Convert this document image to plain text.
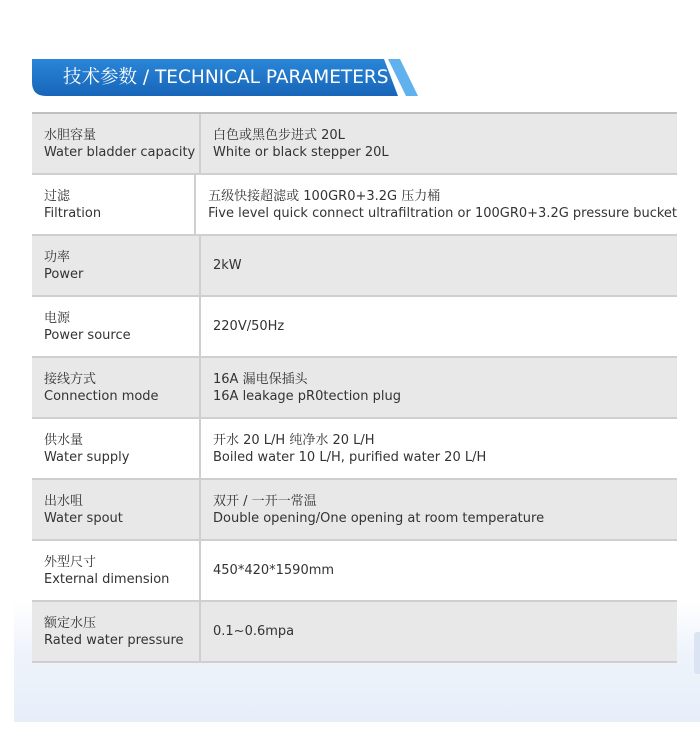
技术参数 / TECHNICAL PARAMETERS
水胆容量
Water bladder capacity
白色或黑色步进式 20L
White or black stepper 20L
过滤
Filtration
五级快接超滤或 100GR0+3.2G 压力桶
Five level quick connect ultrafiltration or 100GR0+3.2G pressure bucket
功率
Power
2kW
电源
Power source
220V/50Hz
接线方式
Connection mode
16A 漏电保插头
16A leakage pR0tection plug
供水量
Water supply
开水 20 L/H 纯净水 20 L/H
Boiled water 10 L/H, purified water 20 L/H
出水咀
Water spout
双开 / 一开一常温
Double opening/One opening at room temperature
外型尺寸
External dimension
450*420*1590mm
额定水压
Rated water pressure
0.1~0.6mpa
